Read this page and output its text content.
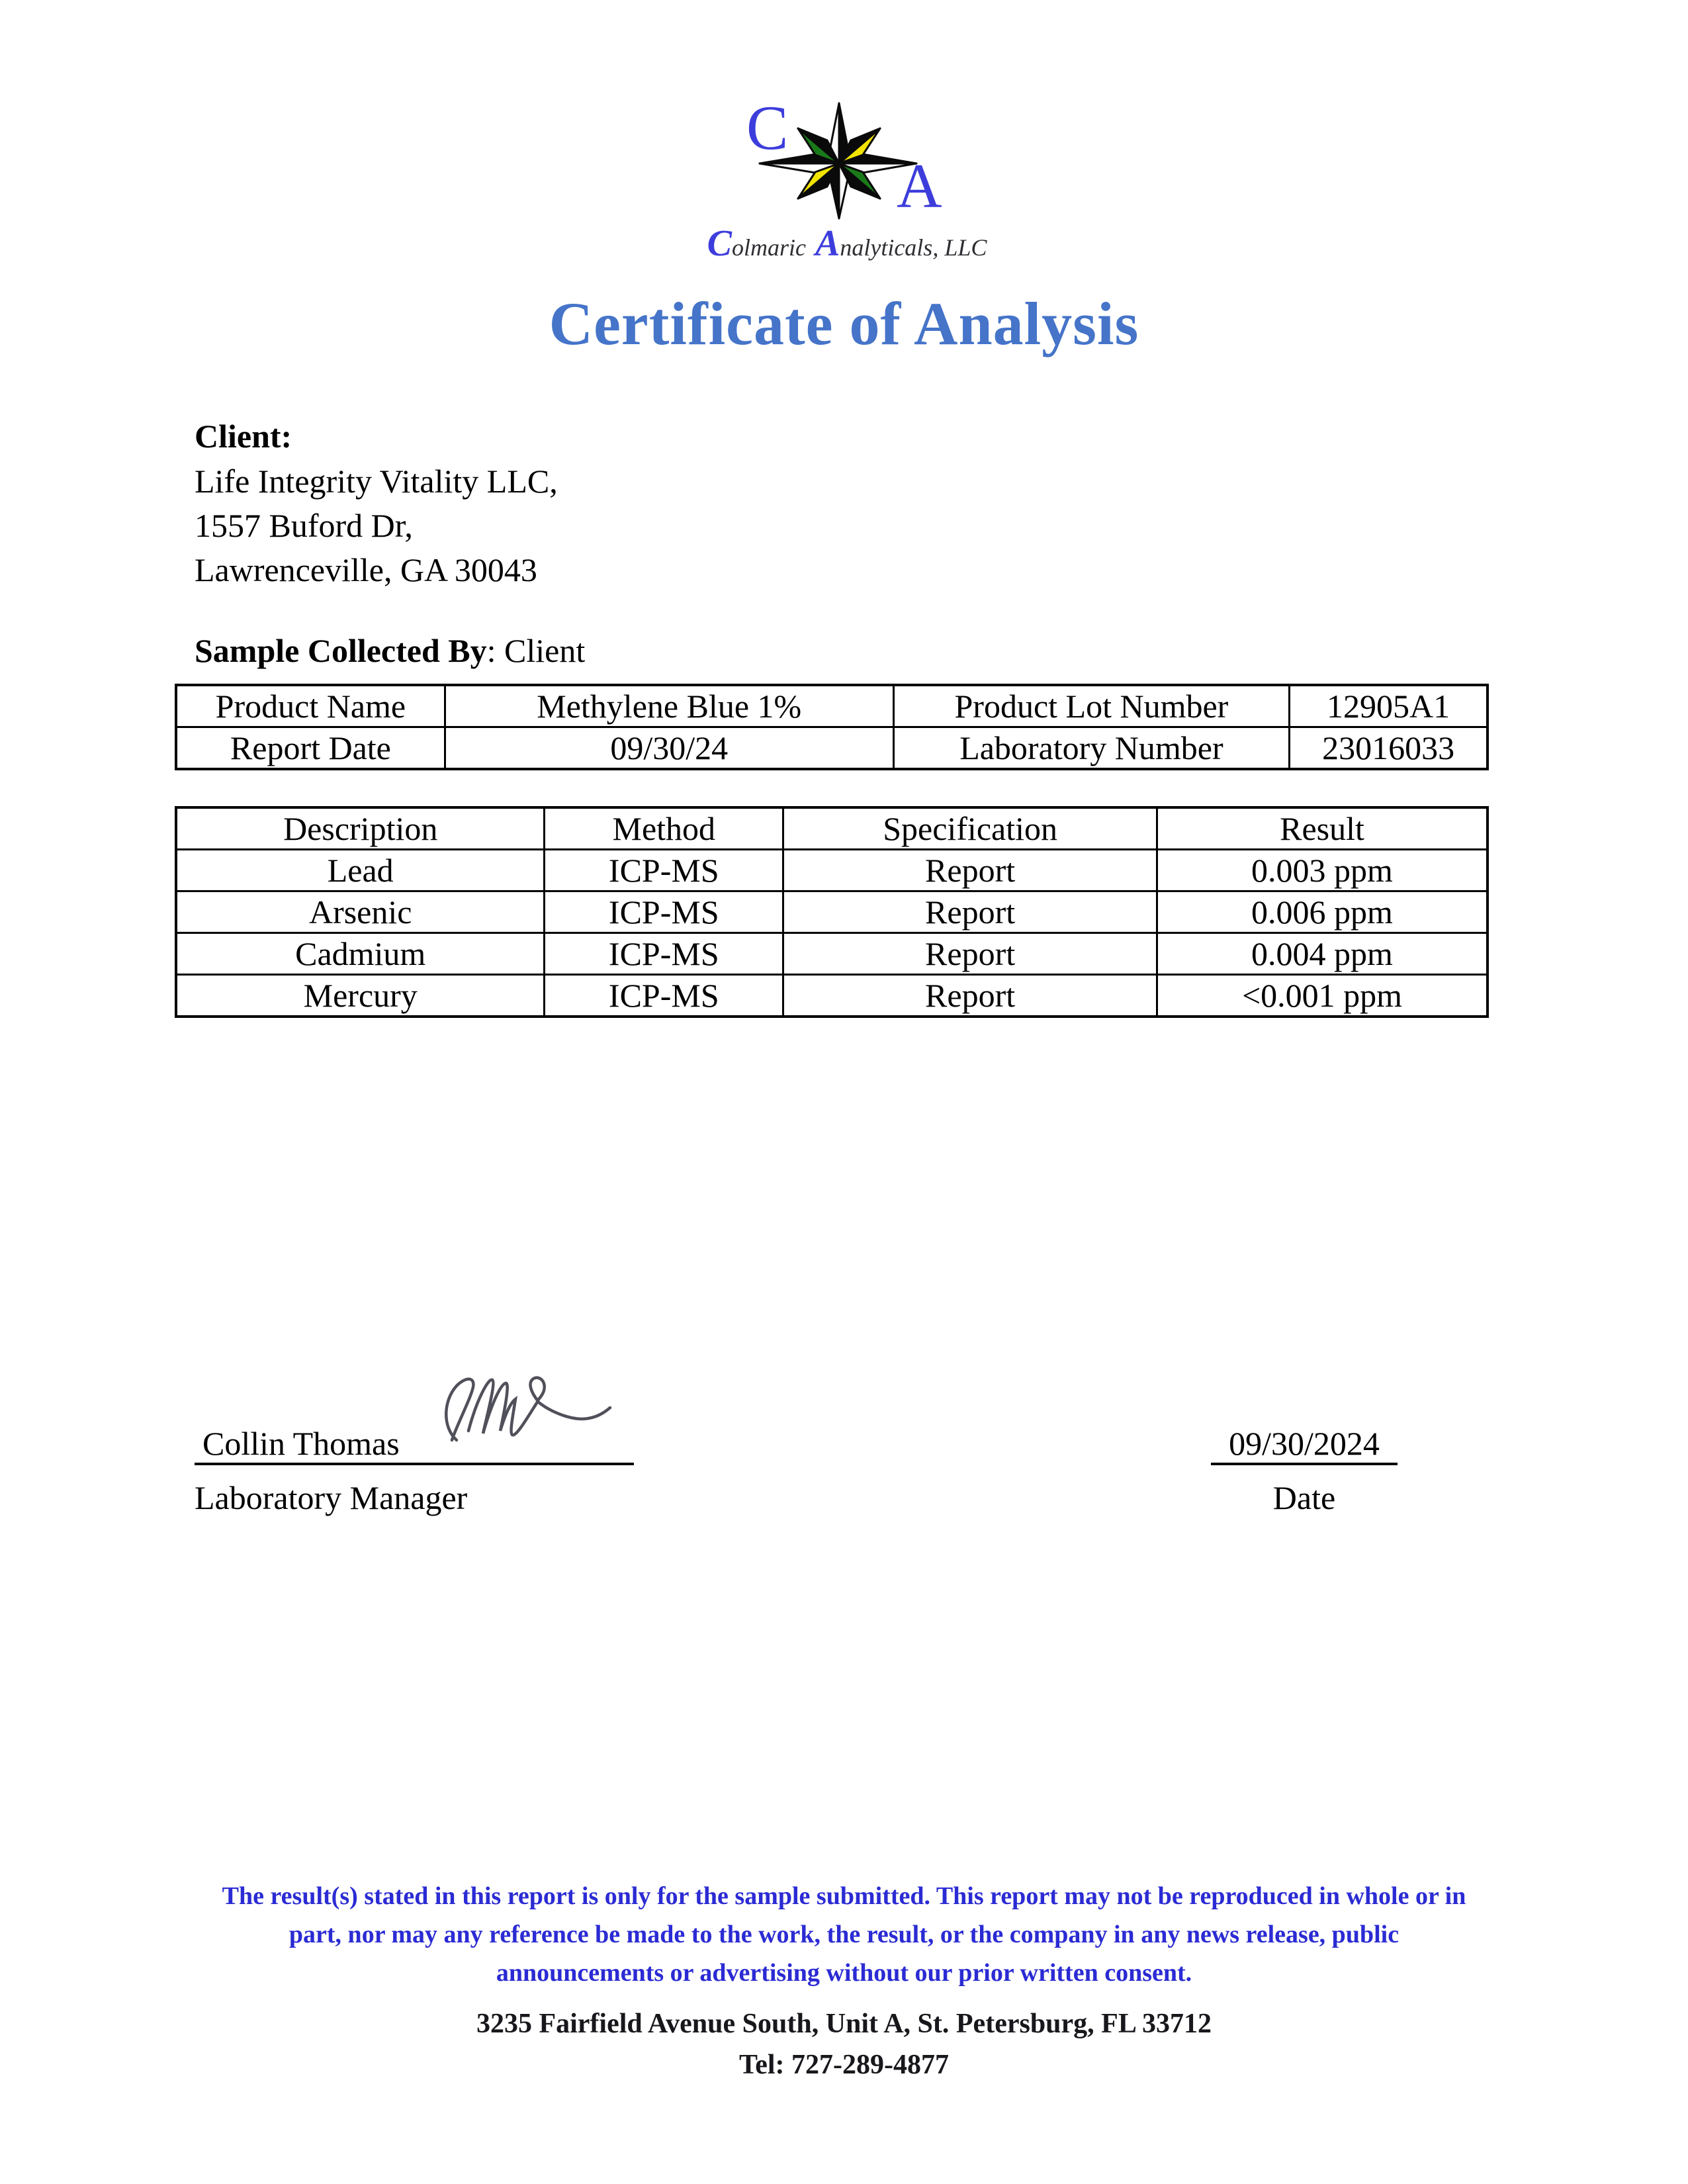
C
A
Colmaric Analyticals, LLC
Certificate of Analysis
Client:
Life Integrity Vitality LLC,
1557 Buford Dr,
Lawrenceville, GA 30043
Sample Collected By: Client
Product Name	Methylene Blue 1%	Product Lot Number	12905A1
Report Date	09/30/24	Laboratory Number	23016033
Description	Method	Specification	Result
Lead	ICP-MS	Report	0.003 ppm
Arsenic	ICP-MS	Report	0.006 ppm
Cadmium	ICP-MS	Report	0.004 ppm
Mercury	ICP-MS	Report	<0.001 ppm
Collin Thomas
Laboratory Manager
09/30/2024
Date
The result(s) stated in this report is only for the sample submitted. This report may not be reproduced in whole or in
part, nor may any reference be made to the work, the result, or the company in any news release, public
announcements or advertising without our prior written consent.
3235 Fairfield Avenue South, Unit A, St. Petersburg, FL 33712
Tel: 727-289-4877
